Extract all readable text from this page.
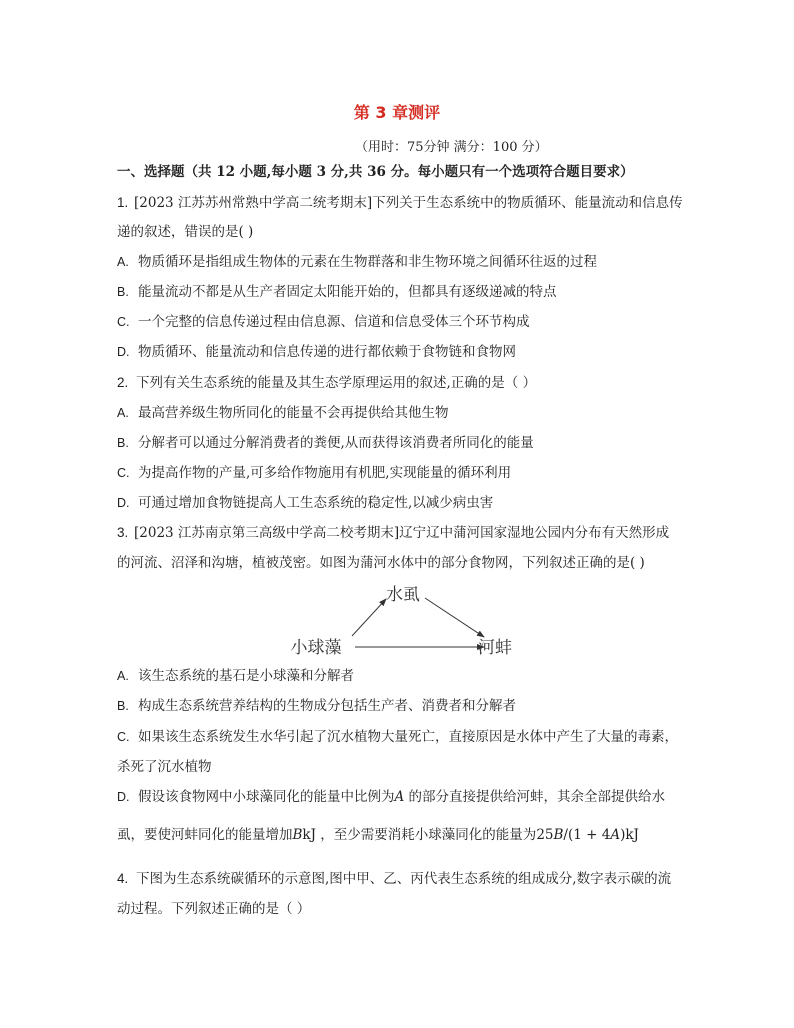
第 3 章测评
（用时：75分钟 满分：100 分）
一、选择题（共 12 小题,每小题 3 分,共 36 分。每小题只有一个选项符合题目要求）
1. [2023 江苏苏州常熟中学高二统考期末]下列关于生态系统中的物质循环、能量流动和信息传
递的叙述，错误的是( )
A. 物质循环是指组成生物体的元素在生物群落和非生物环境之间循环往返的过程
B. 能量流动不都是从生产者固定太阳能开始的，但都具有逐级递减的特点
C. 一个完整的信息传递过程由信息源、信道和信息受体三个环节构成
D. 物质循环、能量流动和信息传递的进行都依赖于食物链和食物网
2. 下列有关生态系统的能量及其生态学原理运用的叙述,正确的是（ ）
A. 最高营养级生物所同化的能量不会再提供给其他生物
B. 分解者可以通过分解消费者的粪便,从而获得该消费者所同化的能量
C. 为提高作物的产量,可多给作物施用有机肥,实现能量的循环利用
D. 可通过增加食物链提高人工生态系统的稳定性,以减少病虫害
3. [2023 江苏南京第三高级中学高二校考期末]辽宁辽中蒲河国家湿地公园内分布有天然形成
的河流、沼泽和沟塘，植被茂密。如图为蒲河水体中的部分食物网，下列叙述正确的是( )
水虱
小球藻	河蚌
A. 该生态系统的基石是小球藻和分解者
B. 构成生态系统营养结构的生物成分包括生产者、消费者和分解者
C. 如果该生态系统发生水华引起了沉水植物大量死亡，直接原因是水体中产生了大量的毒素，
杀死了沉水植物
D. 假设该食物网中小球藻同化的能量中比例为A 的部分直接提供给河蚌，其余全部提供给水
虱，要使河蚌同化的能量增加BkJ ，至少需要消耗小球藻同化的能量为25B/(1 + 4A)kJ
4. 下图为生态系统碳循环的示意图,图中甲、乙、丙代表生态系统的组成成分,数字表示碳的流
动过程。下列叙述正确的是（ ）
